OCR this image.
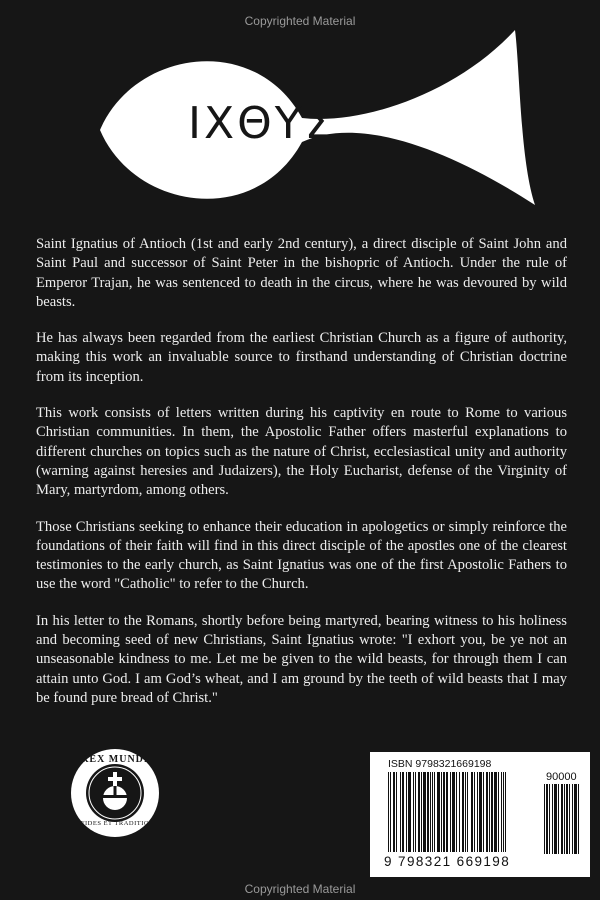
Copyrighted Material
ΙΧΘΥΣ

Saint Ignatius of Antioch (1st and early 2nd century), a direct disciple of Saint John and Saint Paul and successor of Saint Peter in the bishopric of Antioch. Under the rule of Emperor Trajan, he was sentenced to death in the circus, where he was devoured by wild beasts.

He has always been regarded from the earliest Christian Church as a figure of authority, making this work an invaluable source to firsthand understanding of Christian doctrine from its inception.

This work consists of letters written during his captivity en route to Rome to various Christian communities. In them, the Apostolic Father offers masterful explanations to different churches on topics such as the nature of Christ, ecclesiastical unity and authority (warning against heresies and Judaizers), the Holy Eucharist, defense of the Virginity of Mary, martyrdom, among others.

Those Christians seeking to enhance their education in apologetics or simply reinforce the foundations of their faith will find in this direct disciple of the apostles one of the clearest testimonies to the early church, as Saint Ignatius was one of the first Apostolic Fathers to use the word "Catholic" to refer to the Church.

In his letter to the Romans, shortly before being martyred, bearing witness to his holiness and becoming seed of new Christians, Saint Ignatius wrote: "I exhort you, be ye not an unseasonable kindness to me. Let me be given to the wild beasts, for through them I can attain unto God. I am God’s wheat, and I am ground by the teeth of wild beasts that I may be found pure bread of Christ."

REX MUNDI
FIDES ET TRADITIO
ISBN 9798321669198
90000
9 798321 669198
Copyrighted Material
